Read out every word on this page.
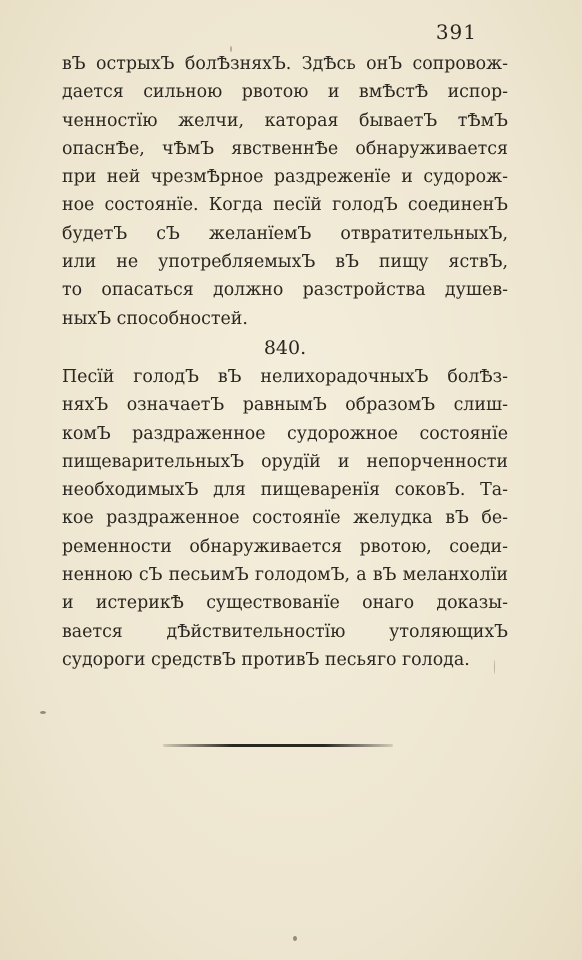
391
вЪ острыхЪ болѢзняхЪ. ЗдѢсь онЪ сопровож-
дается сильною рвотою и вмѢстѢ испор-
ченностїю желчи, каторая бываетЪ тѢмЪ
опаснѢе, чѢмЪ явственнѢе обнаруживается
при ней чрезмѢрное раздреженїе и судорож-
ное состоянїе. Когда песїй голодЪ соединенЪ
будетЪ сЪ желанїемЪ отвратительныхЪ,
или не употребляемыхЪ вЪ пищу яствЪ,
то опасаться должно разстройства душев-
ныхЪ способностей.
840.
Песїй голодЪ вЪ нелихорадочныхЪ болѢз-
няхЪ означаетЪ равнымЪ образомЪ слиш-
комЪ раздраженное судорожное состоянїе
пищеварительныхЪ орудїй и непорченности
необходимыхЪ для пищеваренїя соковЪ. Та-
кое раздраженное состоянїе желудка вЪ бе-
ременности обнаруживается рвотою, соеди-
ненною сЪ песьимЪ голодомЪ, а вЪ меланхолїи
и истерикѢ существованїе онаго доказы-
вается дѢйствительностїю утоляющихЪ
судороги средствЪ противЪ песьяго голода.
